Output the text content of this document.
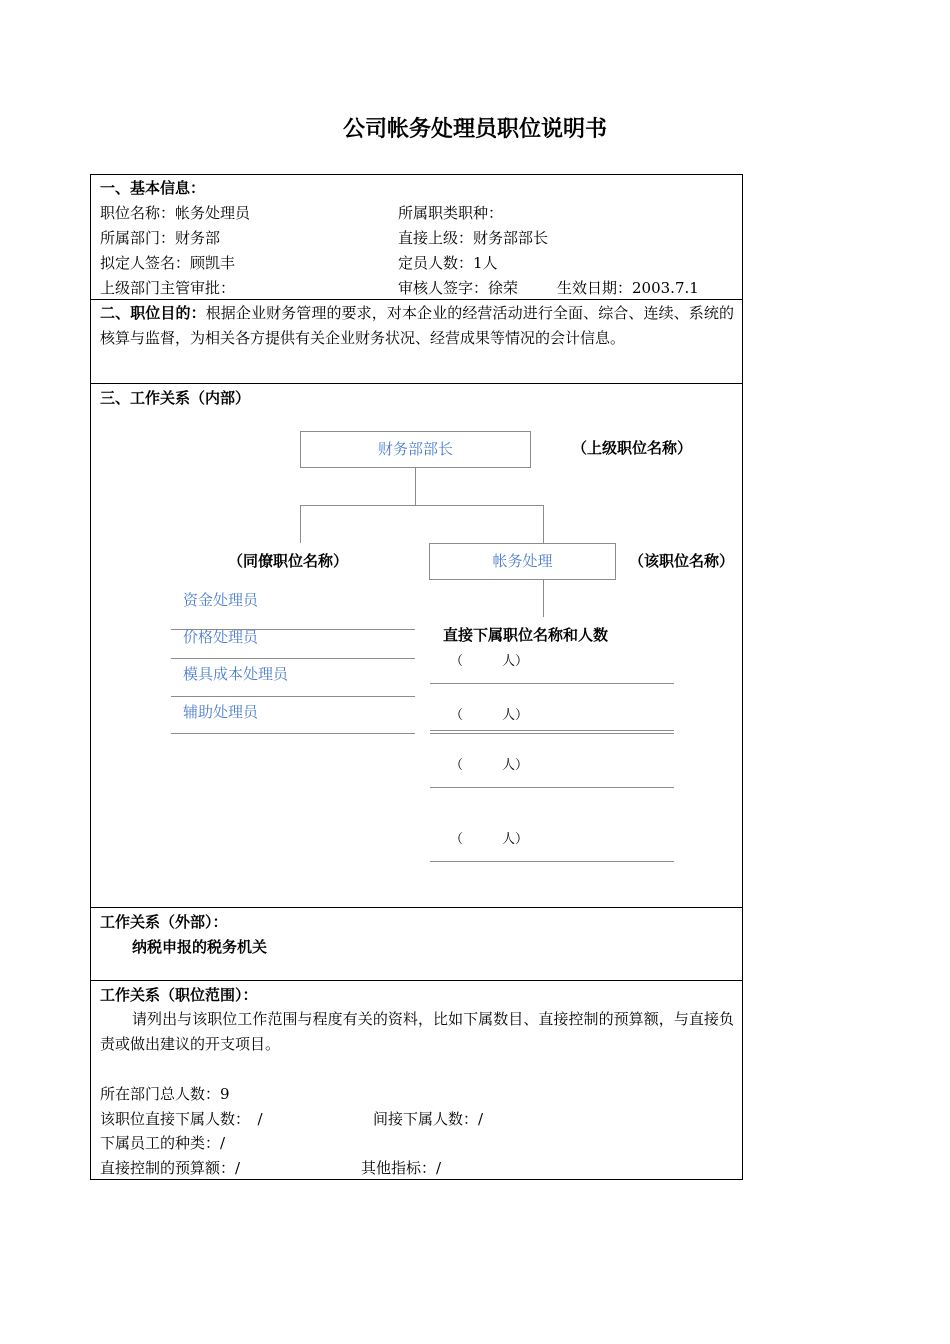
公司帐务处理员职位说明书
一、基本信息：
职位名称：帐务处理员	所属职类职种：
所属部门：财务部	直接上级：财务部部长
拟定人签名：顾凯丰	定员人数：1人
上级部门主管审批：	审核人签字：徐荣	生效日期：2003.7.1
二、职位目的：根据企业财务管理的要求，对本企业的经营活动进行全面、综合、连续、系统的核算与监督，为相关各方提供有关企业财务状况、经营成果等情况的会计信息。
三、工作关系（内部）
财务部部长	（上级职位名称）
（同僚职位名称）	帐务处理	（该职位名称）
资金处理员
价格处理员
模具成本处理员
辅助处理员
直接下属职位名称和人数
（　　　人）
（　　　人）
（　　　人）
（　　　人）
工作关系（外部）：
纳税申报的税务机关
工作关系（职位范围）：
请列出与该职位工作范围与程度有关的资料，比如下属数目、直接控制的预算额，与直接负责或做出建议的开支项目。
所在部门总人数：9
该职位直接下属人数：　/	间接下属人数：/
下属员工的种类：/
直接控制的预算额：/	其他指标：/
